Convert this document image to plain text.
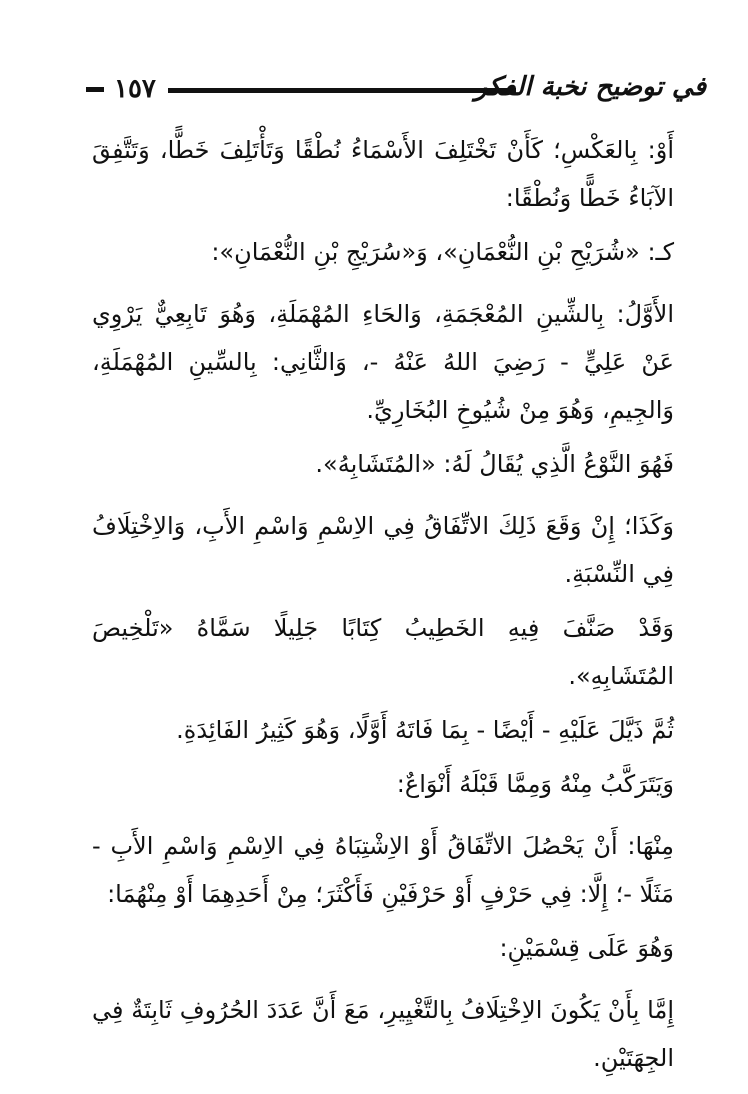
١٥٧	في توضيح نخبة الفكر

أَوْ: بِالعَكْسِ؛ كَأَنْ تَخْتَلِفَ الأَسْمَاءُ نُطْقًا وَتَأْتَلِفَ خَطًّا، وَتَتَّفِقَ الآبَاءُ خَطًّا وَنُطْقًا:

كـ: «شُرَيْحِ بْنِ النُّعْمَانِ»، وَ«سُرَيْجِ بْنِ النُّعْمَانِ»:

الأَوَّلُ: بِالشِّينِ المُعْجَمَةِ، وَالحَاءِ المُهْمَلَةِ، وَهُوَ تَابِعِيٌّ يَرْوِي عَنْ عَلِيٍّ - رَضِيَ اللهُ عَنْهُ -، وَالثَّانِي: بِالسِّينِ المُهْمَلَةِ، وَالجِيمِ، وَهُوَ مِنْ شُيُوخِ البُخَارِيِّ.

فَهُوَ النَّوْعُ الَّذِي يُقَالُ لَهُ: «المُتَشَابِهُ».

وَكَذَا؛ إِنْ وَقَعَ ذَلِكَ الاتِّفَاقُ فِي الاِسْمِ وَاسْمِ الأَبِ، وَالاِخْتِلَافُ فِي النِّسْبَةِ.

وَقَدْ صَنَّفَ فِيهِ الخَطِيبُ كِتَابًا جَلِيلًا سَمَّاهُ «تَلْخِيصَ المُتَشَابِهِ».

ثُمَّ ذَيَّلَ عَلَيْهِ - أَيْضًا - بِمَا فَاتَهُ أَوَّلًا، وَهُوَ كَثِيرُ الفَائِدَةِ.

وَيَتَرَكَّبُ مِنْهُ وَمِمَّا قَبْلَهُ أَنْوَاعٌ:

مِنْهَا: أَنْ يَحْصُلَ الاتِّفَاقُ أَوْ الاِشْتِبَاهُ فِي الاِسْمِ وَاسْمِ الأَبِ - مَثَلًا -؛ إِلَّا: فِي حَرْفٍ أَوْ حَرْفَيْنِ فَأَكْثَرَ؛ مِنْ أَحَدِهِمَا أَوْ مِنْهُمَا:

وَهُوَ عَلَى قِسْمَيْنِ:

إِمَّا بِأَنْ يَكُونَ الاِخْتِلَافُ بِالتَّغْيِيرِ، مَعَ أَنَّ عَدَدَ الحُرُوفِ ثَابِتَةٌ فِي الجِهَتَيْنِ.
